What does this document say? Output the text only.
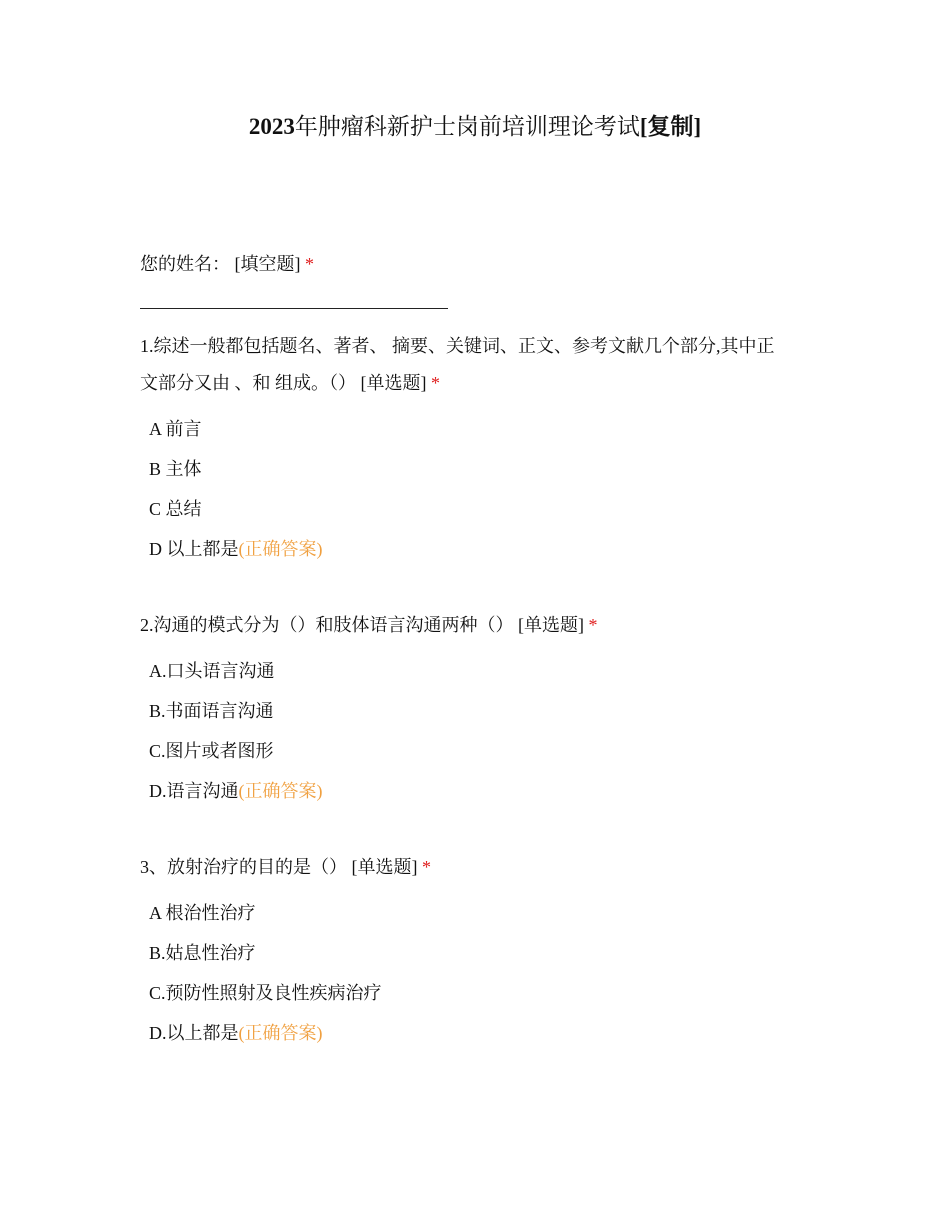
2023年肿瘤科新护士岗前培训理论考试[复制]
您的姓名： [填空题] *
1.综述一般都包括题名、著者、 摘要、关键词、正文、参考文献几个部分,其中正
文部分又由 、和 组成。（） [单选题] *
A 前言
B 主体
C 总结
D 以上都是(正确答案)
2.沟通的模式分为（）和肢体语言沟通两种（） [单选题] *
A.口头语言沟通
B.书面语言沟通
C.图片或者图形
D.语言沟通(正确答案)
3、放射治疗的目的是（） [单选题] *
A 根治性治疗
B.姑息性治疗
C.预防性照射及良性疾病治疗
D.以上都是(正确答案)
